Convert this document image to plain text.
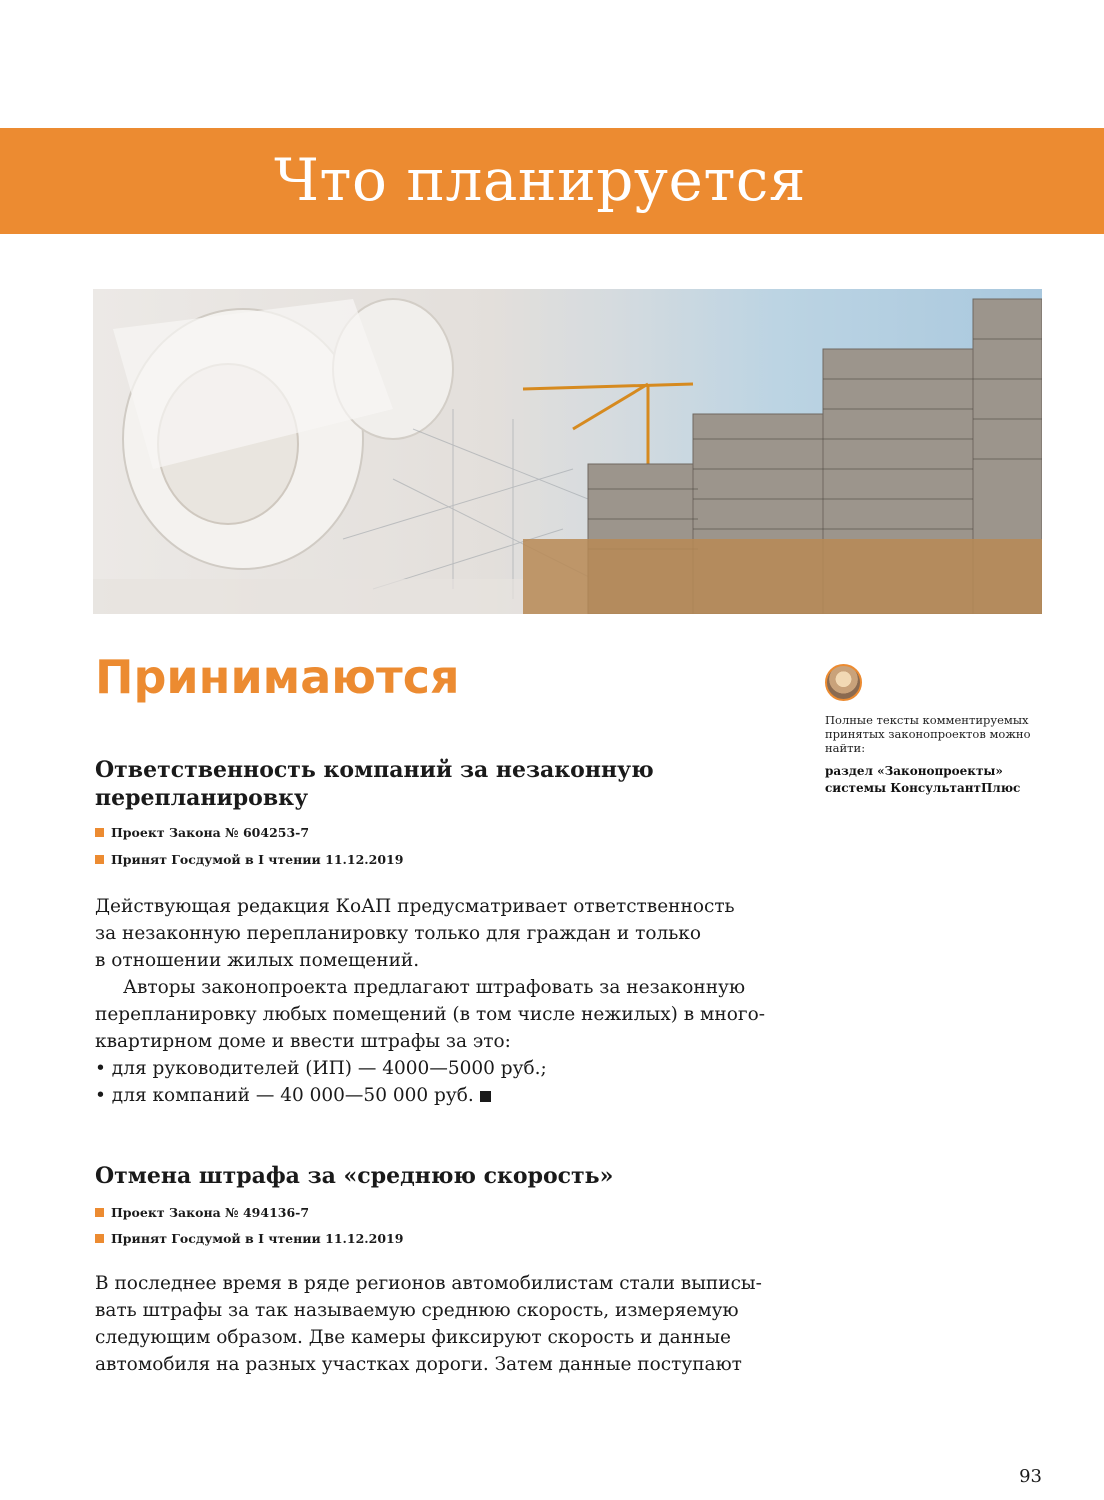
Что планируется
Принимаются
Полные тексты комментируемых принятых законопроектов можно найти:
раздел «Законопроекты»
системы КонсультантПлюс
Ответственность компаний за незаконную
перепланировку
Проект Закона № 604253-7
Принят Госдумой в I чтении 11.12.2019
Действующая редакция КоАП предусматривает ответственность
за незаконную перепланировку только для граждан и только
в отношении жилых помещений.
Авторы законопроекта предлагают штрафовать за незаконную
перепланировку любых помещений (в том числе нежилых) в много-
квартирном доме и ввести штрафы за это:
• для руководителей (ИП) — 4000—5000 руб.;
• для компаний — 40 000—50 000 руб.
Отмена штрафа за «среднюю скорость»
Проект Закона № 494136-7
Принят Госдумой в I чтении 11.12.2019
В последнее время в ряде регионов автомобилистам стали выписы-
вать штрафы за так называемую среднюю скорость, измеряемую
следующим образом. Две камеры фиксируют скорость и данные
автомобиля на разных участках дороги. Затем данные поступают
93
